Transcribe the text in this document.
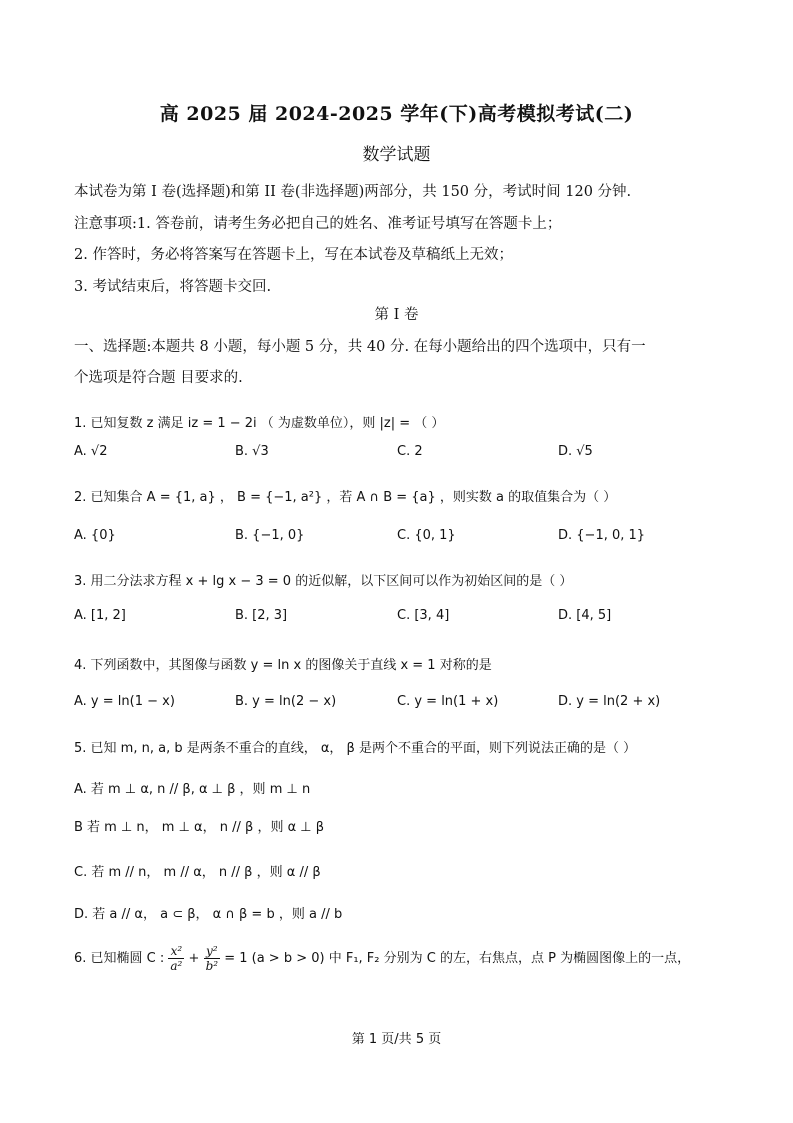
高 2025 届 2024-2025 学年(下)高考模拟考试(二)
数学试题
本试卷为第 I 卷(选择题)和第 II 卷(非选择题)两部分，共 150 分，考试时间 120 分钟.
注意事项:1. 答卷前，请考生务必把自己的姓名、准考证号填写在答题卡上；
2. 作答时，务必将答案写在答题卡上，写在本试卷及草稿纸上无效；
3. 考试结束后，将答题卡交回.
第 I 卷
一、选择题:本题共 8 小题，每小题 5 分，共 40 分. 在每小题给出的四个选项中，只有一
个选项是符合题 目要求的.
1. 已知复数 z 满足 iz = 1 − 2i （ 为虚数单位），则 |z| = （ ）
A. √2	B. √3	C. 2	D. √5
2. 已知集合 A = {1, a} ， B = {−1, a²} ，若 A ∩ B = {a} ，则实数 a 的取值集合为（ ）
A. {0}	B. {−1, 0}	C. {0, 1}	D. {−1, 0, 1}
3. 用二分法求方程 x + lg x − 3 = 0 的近似解，以下区间可以作为初始区间的是（ ）
A. [1, 2]	B. [2, 3]	C. [3, 4]	D. [4, 5]
4. 下列函数中，其图像与函数 y = ln x 的图像关于直线 x = 1 对称的是
A. y = ln(1 − x)	B. y = ln(2 − x)	C. y = ln(1 + x)	D. y = ln(2 + x)
5. 已知 m, n, a, b 是两条不重合的直线， α， β 是两个不重合的平面，则下列说法正确的是（ ）
A. 若 m ⊥ α, n // β, α ⊥ β ，则 m ⊥ n
B 若 m ⊥ n， m ⊥ α， n // β ，则 α ⊥ β
C. 若 m // n， m // α， n // β ，则 α // β
D. 若 a // α， a ⊂ β， α ∩ β = b ，则 a // b
6. 已知椭圆 C : $\frac{\text{x²}}{\text{a²}} + \frac{\text{y²}}{\text{b²}} = 1$ (a > b > 0) 中 F₁, F₂ 分别为 C 的左，右焦点，点 P 为椭圆图像上的一点，
第 1 页/共 5 页
